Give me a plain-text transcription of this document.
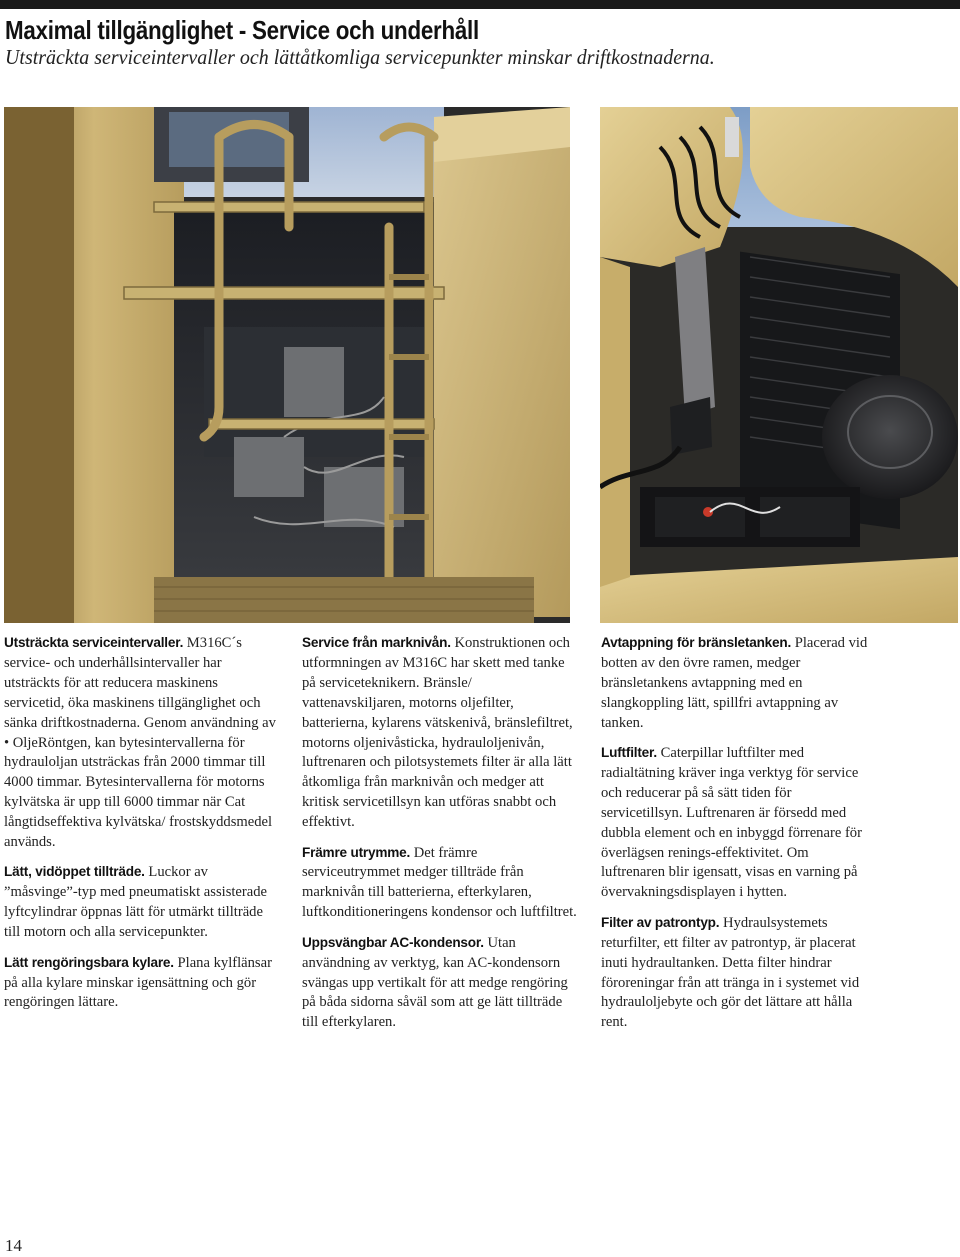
Maximal tillgänglighet - Service och underhåll
Utsträckta serviceintervaller och lättåtkomliga servicepunkter minskar driftkostnaderna.

Utsträckta serviceintervaller. M316C´s service- och underhållsintervaller har utsträckts för att reducera maskinens servicetid, öka maskinens tillgänglighet och sänka driftkostnaderna. Genom användning av • OljeRöntgen, kan bytesintervallerna för hydrauloljan utsträckas från 2000 timmar till 4000 timmar. Bytesintervallerna för motorns kylvätska är upp till 6000 timmar när Cat långtidseffektiva kylvätska/ frostskyddsmedel används.

Lätt, vidöppet tillträde. Luckor av ”måsvinge”-typ med pneumatiskt assisterade lyftcylindrar öppnas lätt för utmärkt tillträde till motorn och alla servicepunkter.

Lätt rengöringsbara kylare. Plana kylflänsar på alla kylare minskar igensättning och gör rengöringen lättare.

Service från marknivån. Konstruktionen och utformningen av M316C har skett med tanke på serviceteknikern. Bränsle/ vattenavskiljaren, motorns oljefilter, batterierna, kylarens vätskenivå, bränslefiltret, motorns oljenivåsticka, hydrauloljenivån, luftrenaren och pilotsystemets filter är alla lätt åtkomliga från marknivån och medger att kritisk servicetillsyn kan utföras snabbt och effektivt.

Främre utrymme. Det främre serviceutrymmet medger tillträde från marknivån till batterierna, efterkylaren, luftkonditioneringens kondensor och luftfiltret.

Uppsvängbar AC-kondensor. Utan användning av verktyg, kan AC-kondensorn svängas upp vertikalt för att medge rengöring på båda sidorna såväl som att ge lätt tillträde till efterkylaren.

Avtappning för bränsletanken. Placerad vid botten av den övre ramen, medger bränsletankens avtappning med en slangkoppling lätt, spillfri avtappning av tanken.

Luftfilter. Caterpillar luftfilter med radialtätning kräver inga verktyg för service och reducerar på så sätt tiden för servicetillsyn. Luftrenaren är försedd med dubbla element och en inbyggd förrenare för överlägsen renings-effektivitet. Om luftrenaren blir igensatt, visas en varning på övervakningsdisplayen i hytten.

Filter av patrontyp. Hydraulsystemets returfilter, ett filter av patrontyp, är placerat inuti hydraultanken. Detta filter hindrar föroreningar från att tränga in i systemet vid hydrauloljebyte och gör det lättare att hålla rent.

14
